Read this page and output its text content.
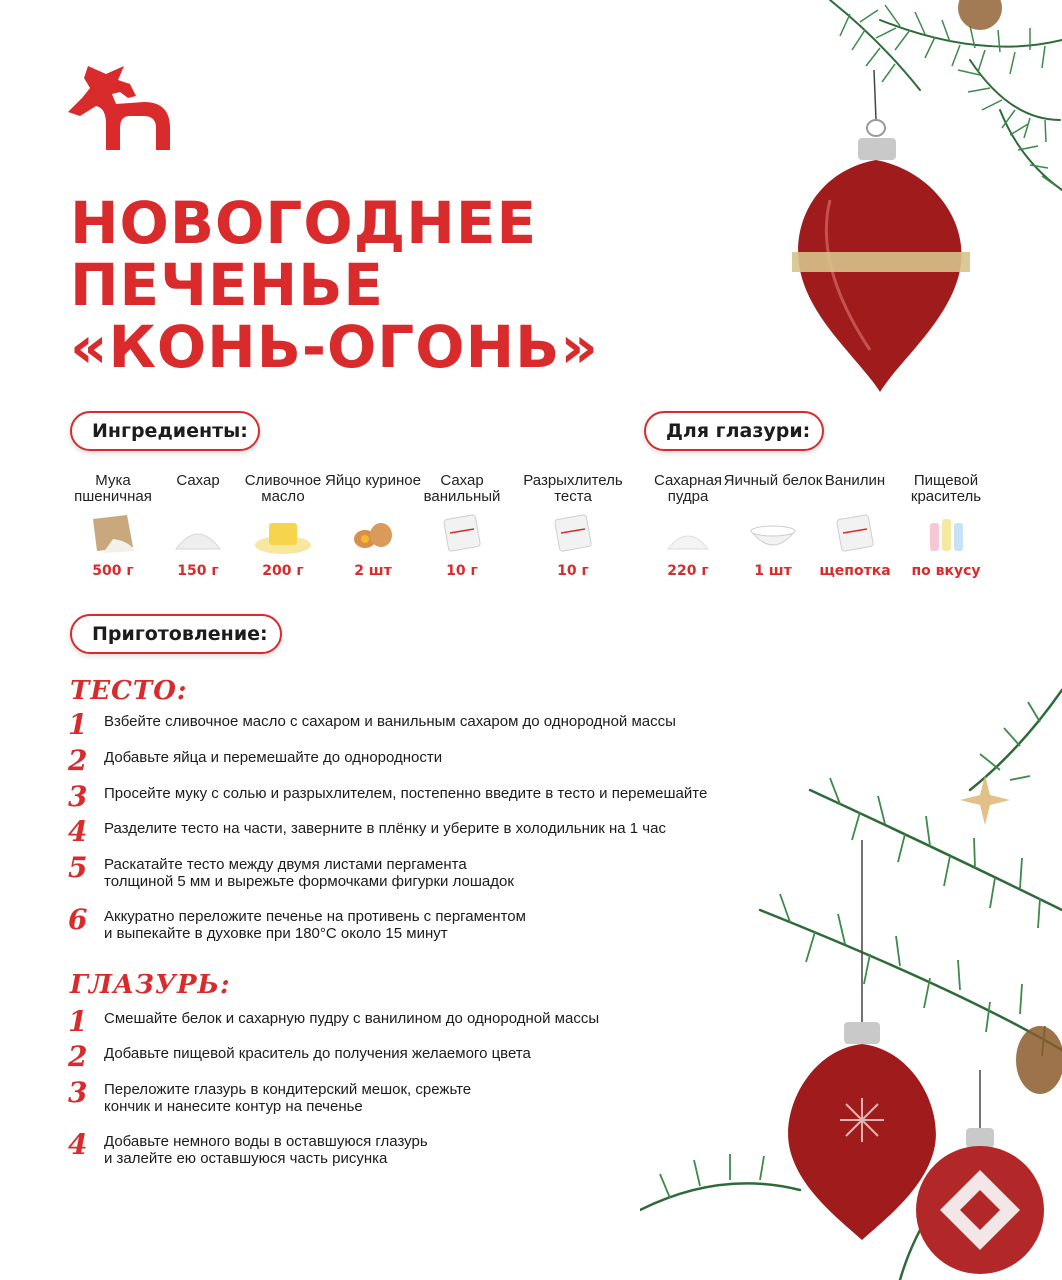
НОВОГОДНЕЕ
ПЕЧЕНЬЕ
«КОНЬ-ОГОНЬ»
Ингредиенты:	Для глазури:
Приготовление:
Мука пшеничная
500 г
Сахар
150 г
Сливочное масло
200 г
Яйцо куриное
2 шт
Сахар ванильный
10 г
Разрыхлитель теста
10 г
Сахарная пудра
220 г
Яичный белок
1 шт
Ванилин
щепотка
Пищевой краситель
по вкусу
ТЕСТО:
1	Взбейте сливочное масло с сахаром и ванильным сахаром до однородной массы
2	Добавьте яйца и перемешайте до однородности
3	Просейте муку с солью и разрыхлителем, постепенно введите в тесто и перемешайте
4	Разделите тесто на части, заверните в плёнку и уберите в холодильник на 1 час
5	Раскатайте тесто между двумя листами пергамента
толщиной 5 мм и вырежьте формочками фигурки лошадок
6	Аккуратно переложите печенье на противень с пергаментом
и выпекайте в духовке при 180°С около 15 минут
ГЛАЗУРЬ:
1	Смешайте белок и сахарную пудру с ванилином до однородной массы
2	Добавьте пищевой краситель до получения желаемого цвета
3	Переложите глазурь в кондитерский мешок, срежьте
кончик и нанесите контур на печенье
4	Добавьте немного воды в оставшуюся глазурь
и залейте ею оставшуюся часть рисунка
